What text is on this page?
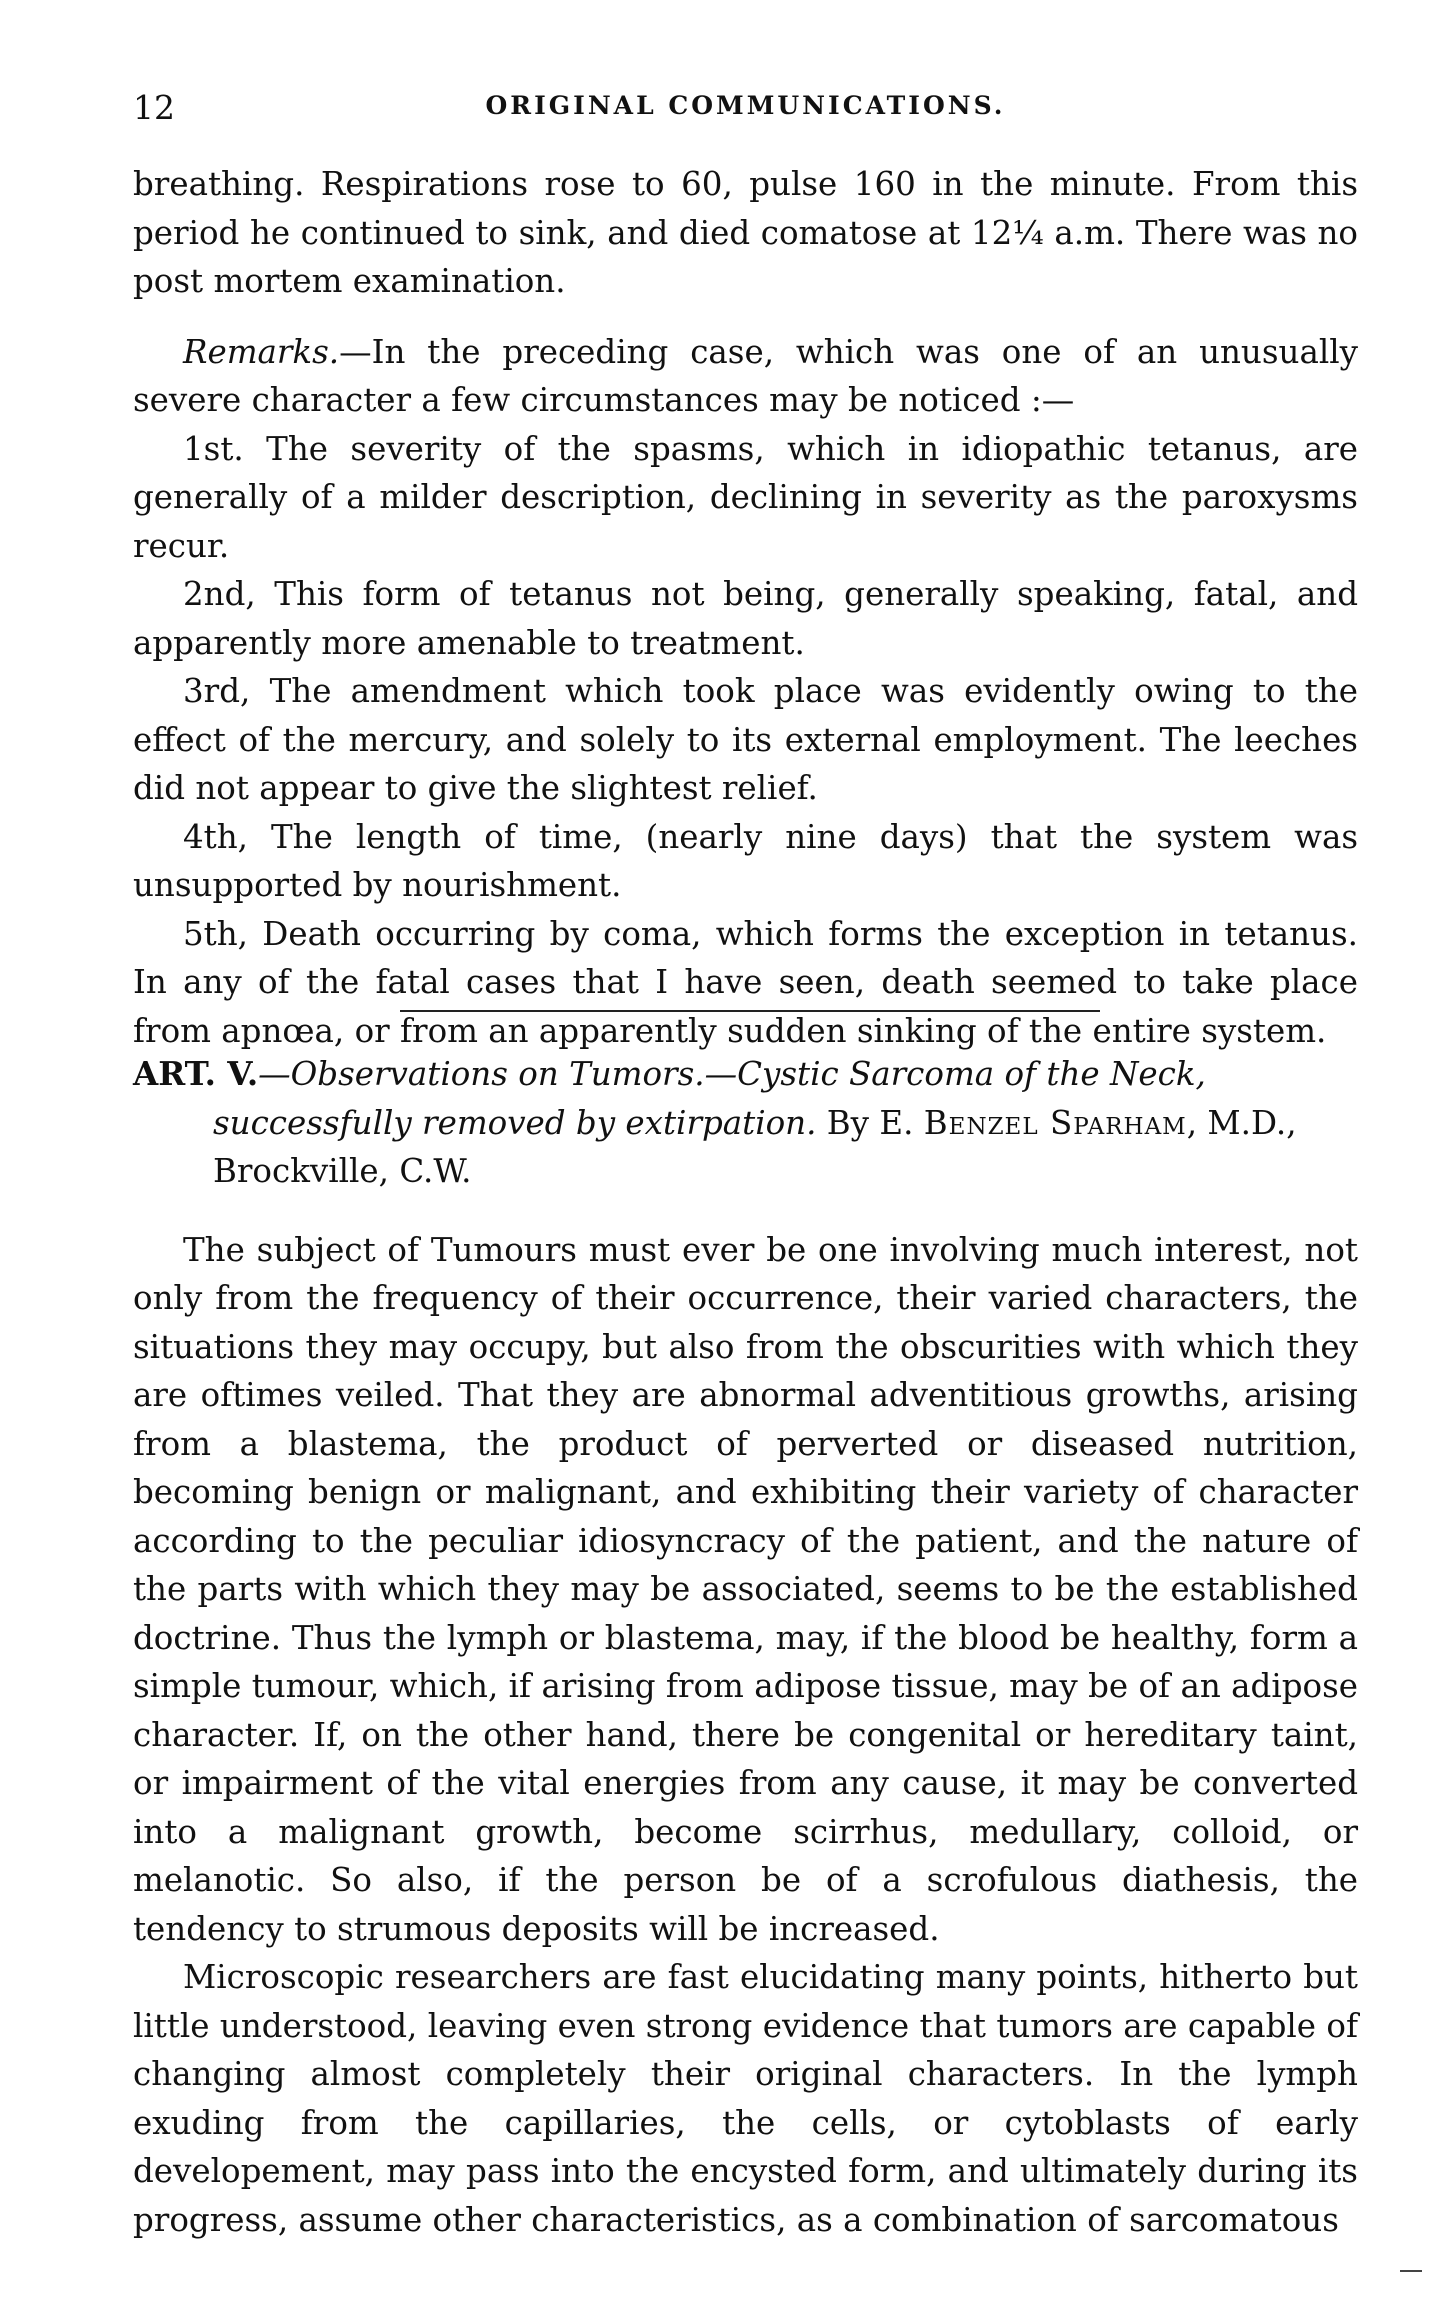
12	ORIGINAL COMMUNICATIONS.

breathing. Respirations rose to 60, pulse 160 in the minute. From this period he continued to sink, and died comatose at 12¼ a.m. There was no post mortem examination.

Remarks.—In the preceding case, which was one of an unusually severe character a few circumstances may be noticed :—

1st. The severity of the spasms, which in idiopathic tetanus, are generally of a milder description, declining in severity as the paroxysms recur.

2nd, This form of tetanus not being, generally speaking, fatal, and apparently more amenable to treatment.

3rd, The amendment which took place was evidently owing to the effect of the mercury, and solely to its external employment. The leeches did not appear to give the slightest relief.

4th, The length of time, (nearly nine days) that the system was unsupported by nourishment.

5th, Death occurring by coma, which forms the exception in tetanus. In any of the fatal cases that I have seen, death seemed to take place from apnœa, or from an apparently sudden sinking of the entire system.

ART. V.—Observations on Tumors.—Cystic Sarcoma of the Neck, successfully removed by extirpation. By E. Benzel Sparham, M.D., Brockville, C.W.

The subject of Tumours must ever be one involving much interest, not only from the frequency of their occurrence, their varied characters, the situations they may occupy, but also from the obscurities with which they are oftimes veiled. That they are abnormal adventitious growths, arising from a blastema, the product of perverted or diseased nutrition, becoming benign or malignant, and exhibiting their variety of character according to the peculiar idiosyncracy of the patient, and the nature of the parts with which they may be associated, seems to be the established doctrine. Thus the lymph or blastema, may, if the blood be healthy, form a simple tumour, which, if arising from adipose tissue, may be of an adipose character. If, on the other hand, there be congenital or hereditary taint, or impairment of the vital energies from any cause, it may be converted into a malignant growth, become scirrhus, medullary, colloid, or melanotic. So also, if the person be of a scrofulous diathesis, the tendency to strumous deposits will be increased.

Microscopic researchers are fast elucidating many points, hitherto but little understood, leaving even strong evidence that tumors are capable of changing almost completely their original characters. In the lymph exuding from the capillaries, the cells, or cytoblasts of early developement, may pass into the encysted form, and ultimately during its progress, assume other characteristics, as a combination of sarcomatous
